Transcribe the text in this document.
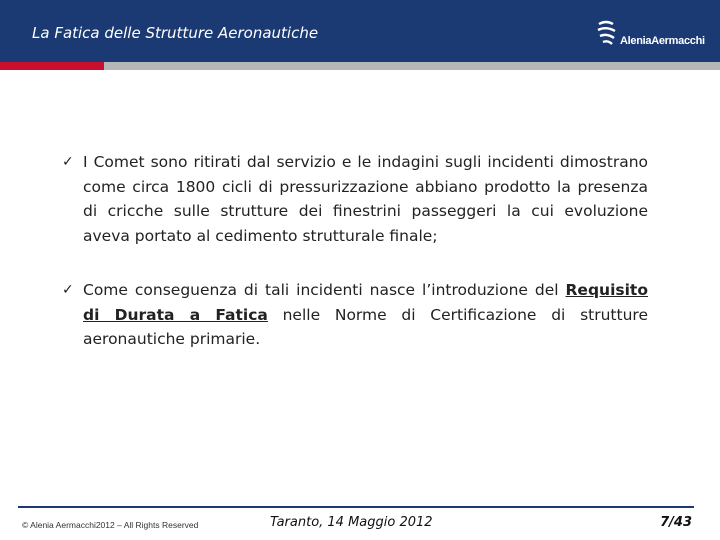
La Fatica delle Strutture Aeronautiche	AleniaAermacchi
✓ I Comet sono ritirati dal servizio e le indagini sugli incidenti dimostrano come circa 1800 cicli di pressurizzazione abbiano prodotto la presenza di cricche sulle strutture dei finestrini passeggeri la cui evoluzione aveva portato al cedimento strutturale finale;
✓ Come conseguenza di tali incidenti nasce l’introduzione del Requisito di Durata a Fatica nelle Norme di Certificazione di strutture aeronautiche primarie.
© Alenia Aermacchi2012 – All Rights Reserved	Taranto, 14 Maggio 2012	7/43
